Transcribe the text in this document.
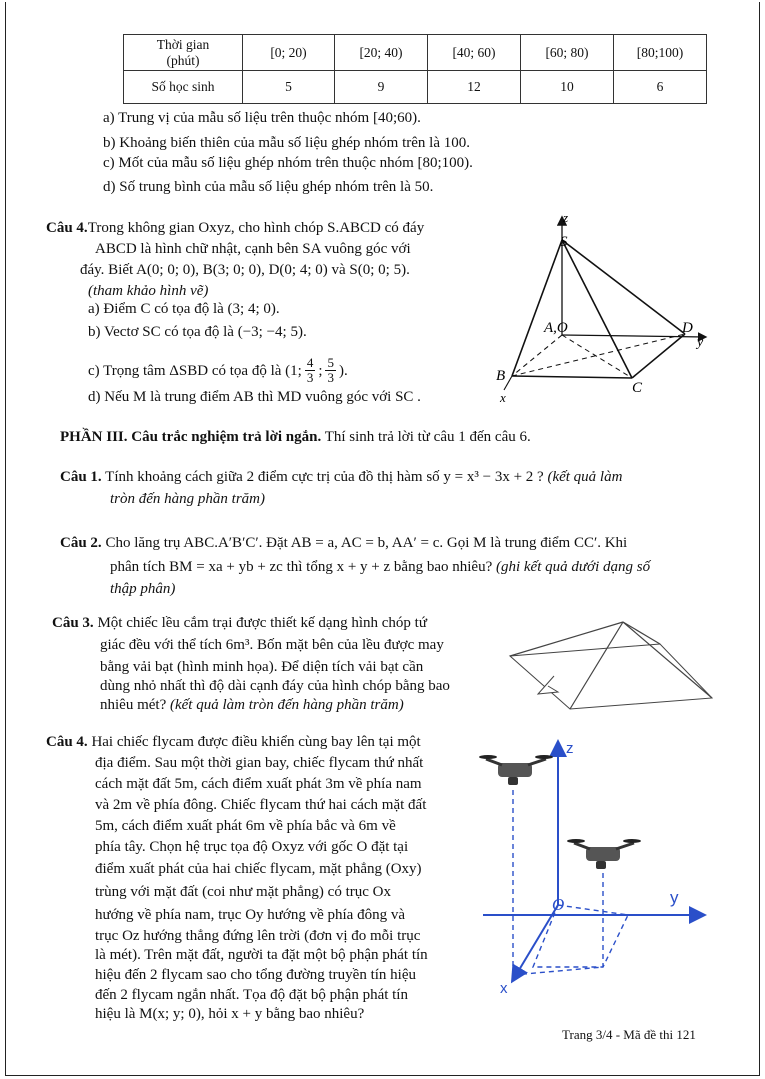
Thời gian
(phút)	[0; 20)	[20; 40)	[40; 60)	[60; 80)	[80;100)
Số học sinh	5	9	12	10	6
a) Trung vị của mẫu số liệu trên thuộc nhóm [40;60).
b) Khoảng biến thiên của mẫu số liệu ghép nhóm trên là 100.
c) Mốt của mẫu số liệu ghép nhóm trên thuộc nhóm [80;100).
d) Số trung bình của mẫu số liệu ghép nhóm trên là 50.
Câu 4.Trong không gian Oxyz, cho hình chóp S.ABCD có đáy
ABCD là hình chữ nhật, cạnh bên SA vuông góc với
đáy. Biết A(0; 0; 0), B(3; 0; 0), D(0; 4; 0) và S(0; 0; 5).
(tham khảo hình vẽ)
a) Điểm C có tọa độ là (3; 4; 0).
b) Vectơ SC có tọa độ là (−3; −4; 5).
c) Trọng tâm ΔSBD có tọa độ là (1; 4
3 ; 5
3 ).
d) Nếu M là trung điểm AB thì MD vuông góc với SC .
z
S
A,O	D
y
B
C
x
PHẦN III. Câu trắc nghiệm trả lời ngắn. Thí sinh trả lời từ câu 1 đến câu 6.
Câu 1. Tính khoảng cách giữa 2 điểm cực trị của đồ thị hàm số y = x³ − 3x + 2 ? (kết quả làm
tròn đến hàng phần trăm)
Câu 2. Cho lăng trụ ABC.A′B′C′. Đặt AB = a, AC = b, AA′ = c. Gọi M là trung điểm CC′. Khi
phân tích BM = xa + yb + zc thì tổng x + y + z bằng bao nhiêu? (ghi kết quả dưới dạng số
thập phân)
Câu 3. Một chiếc lều cắm trại được thiết kế dạng hình chóp tứ
giác đều với thể tích 6m³. Bốn mặt bên của lều được may
bằng vải bạt (hình minh họa). Để diện tích vải bạt cần
dùng nhỏ nhất thì độ dài cạnh đáy của hình chóp bằng bao
nhiêu mét? (kết quả làm tròn đến hàng phần trăm)
Câu 4. Hai chiếc flycam được điều khiển cùng bay lên tại một
địa điểm. Sau một thời gian bay, chiếc flycam thứ nhất
cách mặt đất 5m, cách điểm xuất phát 3m về phía nam
và 2m về phía đông. Chiếc flycam thứ hai cách mặt đất
5m, cách điểm xuất phát 6m về phía bắc và 6m về
phía tây. Chọn hệ trục tọa độ Oxyz với gốc O đặt tại
điểm xuất phát của hai chiếc flycam, mặt phẳng (Oxy)
trùng với mặt đất (coi như mặt phẳng) có trục Ox
hướng về phía nam, trục Oy hướng về phía đông và
trục Oz hướng thẳng đứng lên trời (đơn vị đo mỗi trục
là mét). Trên mặt đất, người ta đặt một bộ phận phát tín
hiệu đến 2 flycam sao cho tổng đường truyền tín hiệu
đến 2 flycam ngắn nhất. Tọa độ đặt bộ phận phát tín
hiệu là M(x; y; 0), hỏi x + y bằng bao nhiêu?
z
y
O
x
Trang 3/4 - Mã đề thi 121
